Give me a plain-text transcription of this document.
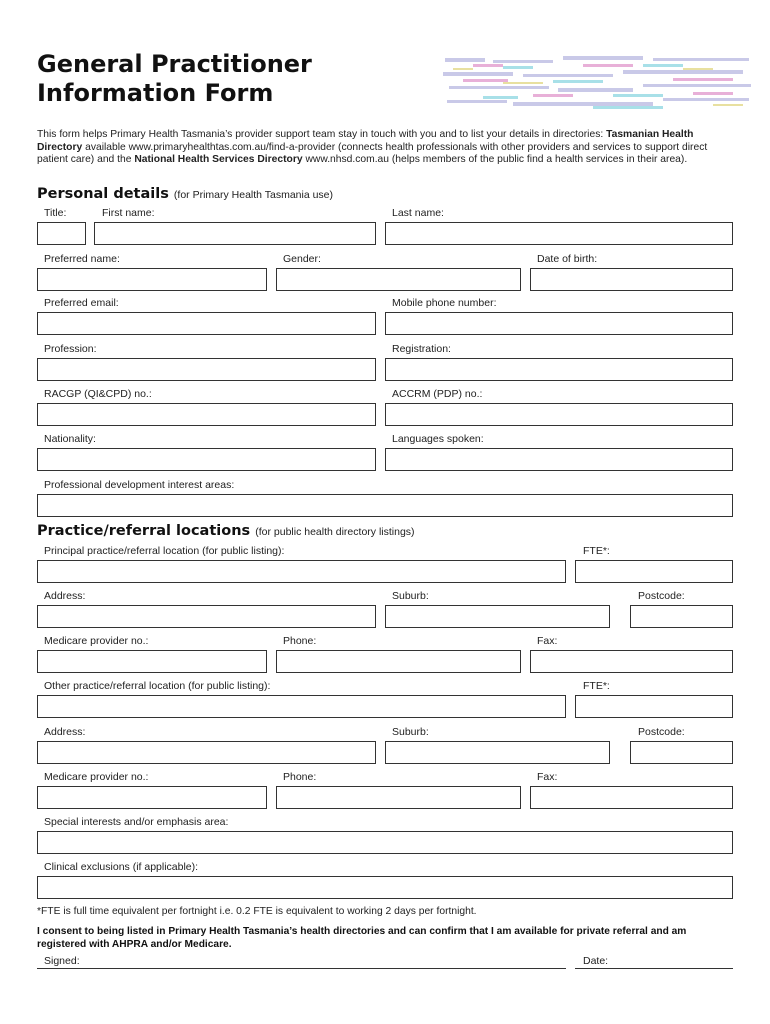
General Practitioner
Information Form
This form helps Primary Health Tasmania’s provider support team stay in touch with you and to list your details in directories: Tasmanian Health Directory available www.primaryhealthtas.com.au/find-a-provider (connects health professionals with other providers and services to support direct patient care) and the National Health Services Directory www.nhsd.com.au (helps members of the public find a health services in their area).
Personal details (for Primary Health Tasmania use)
Title:	First name:	Last name:
Preferred name:	Gender:	Date of birth:
Preferred email:	Mobile phone number:
Profession:	Registration:
RACGP (QI&CPD) no.:	ACCRM (PDP) no.:
Nationality:	Languages spoken:
Professional development interest areas:
Practice/referral locations (for public health directory listings)
Principal practice/referral location (for public listing):	FTE*:
Address:	Suburb:	Postcode:
Medicare provider no.:	Phone:	Fax:
Other practice/referral location (for public listing):	FTE*:
Address:	Suburb:	Postcode:
Medicare provider no.:	Phone:	Fax:
Special interests and/or emphasis area:
Clinical exclusions (if applicable):
*FTE is full time equivalent per fortnight i.e. 0.2 FTE is equivalent to working 2 days per fortnight.
I consent to being listed in Primary Health Tasmania’s health directories and can confirm that I am available for private referral and am registered with AHPRA and/or Medicare.
Signed:	Date:
